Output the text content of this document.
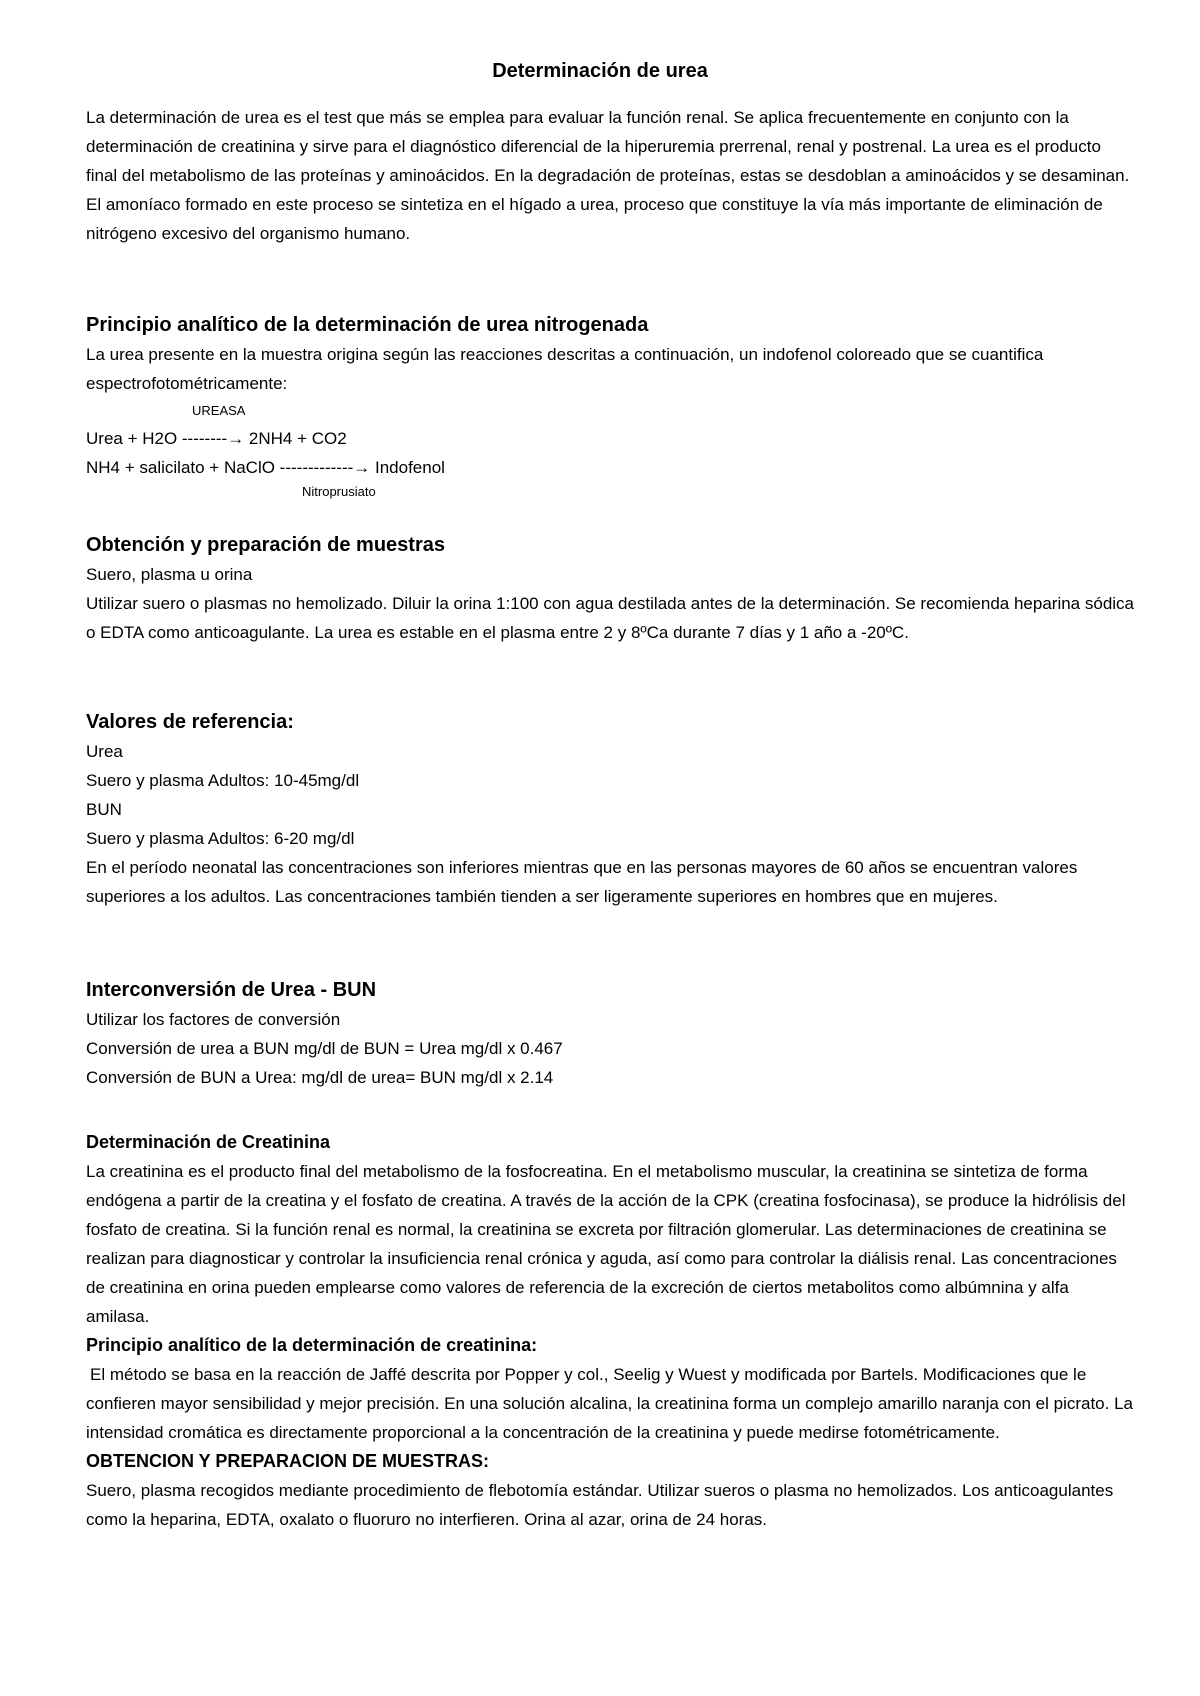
Determinación de urea

La determinación de urea es el test que más se emplea para evaluar la función renal. Se aplica frecuentemente en conjunto con la determinación de creatinina y sirve para el diagnóstico diferencial de la hiperuremia prerrenal, renal y postrenal. La urea es el producto final del metabolismo de las proteínas y aminoácidos. En la degradación de proteínas, estas se desdoblan a aminoácidos y se desaminan. El amoníaco formado en este proceso se sintetiza en el hígado a urea, proceso que constituye la vía más importante de eliminación de nitrógeno excesivo del organismo humano.

Principio analítico de la determinación de urea nitrogenada

La urea presente en la muestra origina según las reacciones descritas a continuación, un indofenol coloreado que se cuantifica espectrofotométricamente:

UREASA
Urea + H2O --------→ 2NH4 + CO2
NH4 + salicilato + NaClO -------------→ Indofenol
Nitroprusiato

Obtención y preparación de muestras

Suero, plasma u orina

Utilizar suero o plasmas no hemolizado. Diluir la orina 1:100 con agua destilada antes de la determinación. Se recomienda heparina sódica o EDTA como anticoagulante. La urea es estable en el plasma entre 2 y 8ºCa durante 7 días y 1 año a -20ºC.

Valores de referencia:

Urea

Suero y plasma Adultos: 10-45mg/dl

BUN

Suero y plasma Adultos: 6-20 mg/dl

En el período neonatal las concentraciones son inferiores mientras que en las personas mayores de 60 años se encuentran valores superiores a los adultos. Las concentraciones también tienden a ser ligeramente superiores en hombres que en mujeres.

Interconversión de Urea - BUN

Utilizar los factores de conversión

Conversión de urea a BUN mg/dl de BUN = Urea mg/dl x 0.467

Conversión de BUN a Urea: mg/dl de urea= BUN mg/dl x 2.14

Determinación de Creatinina

La creatinina es el producto final del metabolismo de la fosfocreatina. En el metabolismo muscular, la creatinina se sintetiza de forma endógena a partir de la creatina y el fosfato de creatina. A través de la acción de la CPK (creatina fosfocinasa), se produce la hidrólisis del fosfato de creatina. Si la función renal es normal, la creatinina se excreta por filtración glomerular. Las determinaciones de creatinina se realizan para diagnosticar y controlar la insuficiencia renal crónica y aguda, así como para controlar la diálisis renal. Las concentraciones de creatinina en orina pueden emplearse como valores de referencia de la excreción de ciertos metabolitos como albúmnina y alfa amilasa.

Principio analítico de la determinación de creatinina:

El método se basa en la reacción de Jaffé descrita por Popper y col., Seelig y Wuest y modificada por Bartels. Modificaciones que le confieren mayor sensibilidad y mejor precisión. En una solución alcalina, la creatinina forma un complejo amarillo naranja con el picrato. La intensidad cromática es directamente proporcional a la concentración de la creatinina y puede medirse fotométricamente.

OBTENCION Y PREPARACION DE MUESTRAS:

Suero, plasma recogidos mediante procedimiento de flebotomía estándar. Utilizar sueros o plasma no hemolizados. Los anticoagulantes como la heparina, EDTA, oxalato o fluoruro no interfieren. Orina al azar, orina de 24 horas.
